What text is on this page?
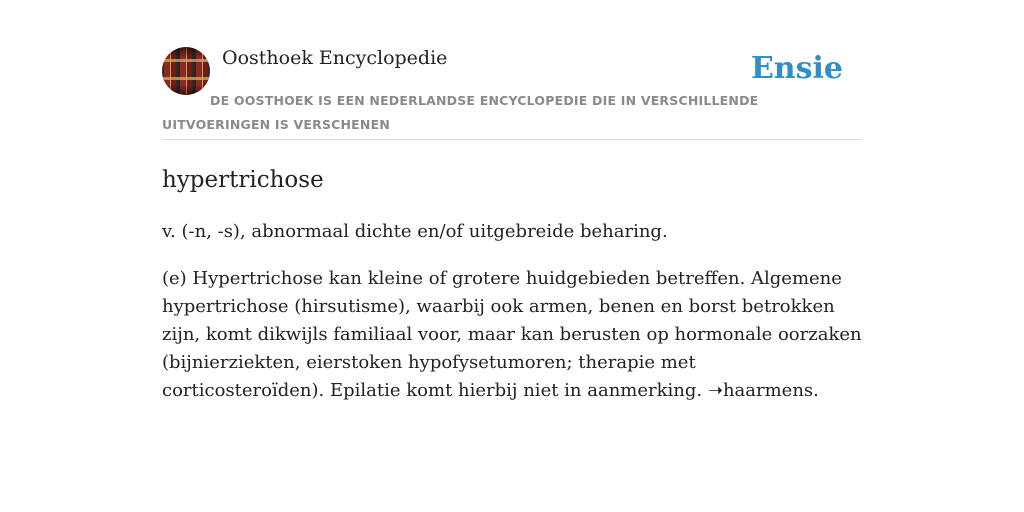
Oosthoek Encyclopedie	Ensie
DE OOSTHOEK IS EEN NEDERLANDSE ENCYCLOPEDIE DIE IN VERSCHILLENDE UITVOERINGEN IS VERSCHENEN
hypertrichose

v. (-n, -s), abnormaal dichte en/of uitgebreide beharing.

(e) Hypertrichose kan kleine of grotere huidgebieden betreffen. Algemene hypertrichose (hirsutisme), waarbij ook armen, benen en borst betrokken zijn, komt dikwijls familiaal voor, maar kan berusten op hormonale oorzaken (bijnierziekten, eierstoken hypofysetumoren; therapie met corticosteroïden). Epilatie komt hierbij niet in aanmerking. ➝haarmens.
